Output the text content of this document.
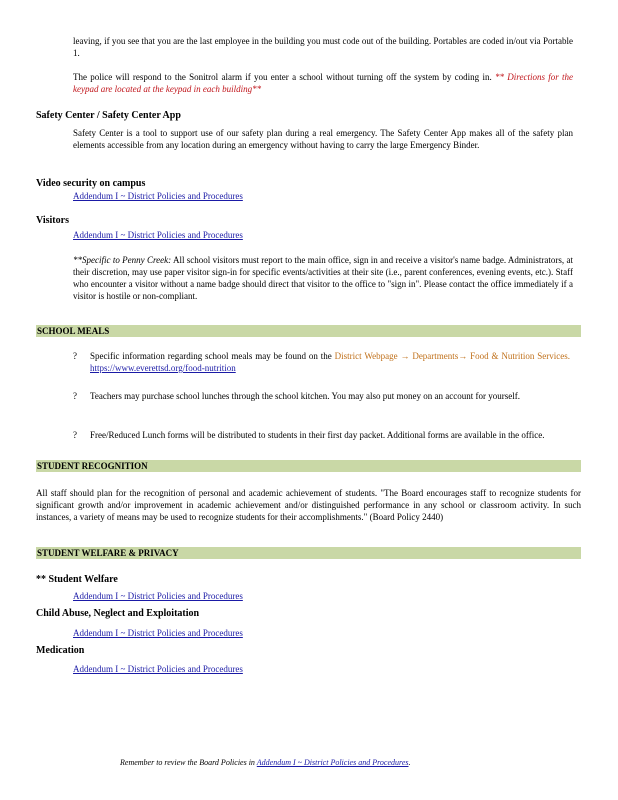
leaving, if you see that you are the last employee in the building you must code out of the building. Portables are coded in/out via Portable 1.
The police will respond to the Sonitrol alarm if you enter a school without turning off the system by coding in. ** Directions for the keypad are located at the keypad in each building**
Safety Center / Safety Center App
Safety Center is a tool to support use of our safety plan during a real emergency. The Safety Center App makes all of the safety plan elements accessible from any location during an emergency without having to carry the large Emergency Binder.
Video security on campus
Addendum I ~ District Policies and Procedures
Visitors
Addendum I ~ District Policies and Procedures
**Specific to Penny Creek: All school visitors must report to the main office, sign in and receive a visitor's name badge. Administrators, at their discretion, may use paper visitor sign-in for specific events/activities at their site (i.e., parent conferences, evening events, etc.). Staff who encounter a visitor without a name badge should direct that visitor to the office to "sign in". Please contact the office immediately if a visitor is hostile or non-compliant.
SCHOOL MEALS
? Specific information regarding school meals may be found on the District Webpage → Departments→ Food & Nutrition Services. https://www.everettsd.org/food-nutrition
? Teachers may purchase school lunches through the school kitchen. You may also put money on an account for yourself.
? Free/Reduced Lunch forms will be distributed to students in their first day packet. Additional forms are available in the office.
STUDENT RECOGNITION
All staff should plan for the recognition of personal and academic achievement of students. "The Board encourages staff to recognize students for significant growth and/or improvement in academic achievement and/or distinguished performance in any school or classroom activity. In such instances, a variety of means may be used to recognize students for their accomplishments." (Board Policy 2440)
STUDENT WELFARE & PRIVACY
** Student Welfare
Addendum I ~ District Policies and Procedures
Child Abuse, Neglect and Exploitation
Addendum I ~ District Policies and Procedures
Medication
Addendum I ~ District Policies and Procedures
Remember to review the Board Policies in Addendum I ~ District Policies and Procedures.
